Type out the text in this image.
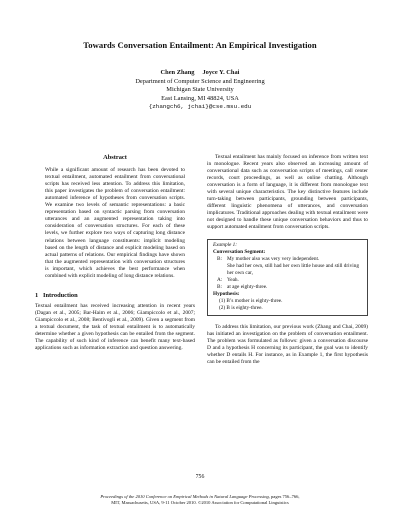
Towards Conversation Entailment: An Empirical Investigation
Chen Zhang     Joyce Y. Chai
Department of Computer Science and Engineering
Michigan State University
East Lansing, MI 48824, USA
{zhangch6, jchai}@cse.msu.edu
Abstract

While a significant amount of research has been devoted to textual entailment, automated entailment from conversational scripts has received less attention. To address this limitation, this paper investigates the problem of conversation entailment: automated inference of hypotheses from conversation scripts. We examine two levels of semantic representations: a basic representation based on syntactic parsing from conversation utterances and an augmented representation taking into consideration of conversation structures. For each of these levels, we further explore two ways of capturing long distance relations between language constituents: implicit modeling based on the length of distance and explicit modeling based on actual patterns of relations. Our empirical findings have shown that the augmented representation with conversation structures is important, which achieves the best performance when combined with explicit modeling of long distance relations.

1   Introduction

Textual entailment has received increasing attention in recent years (Dagan et al., 2005; Bar-Haim et al., 2006; Giampiccolo et al., 2007; Giampiccolo et al., 2008; Bentivogli et al., 2009). Given a segment from a textual document, the task of textual entailment is to automatically determine whether a given hypothesis can be entailed from the segment. The capability of such kind of inference can benefit many text-based applications such as information extraction and question answering.

Textual entailment has mainly focused on inference from written text in monologue. Recent years also observed an increasing amount of conversational data such as conversation scripts of meetings, call center records, court proceedings, as well as online chatting. Although conversation is a form of language, it is different from monologue text with several unique characteristics. The key distinctive features include turn-taking between participants, grounding between participants, different linguistic phenomena of utterances, and conversation implicatures. Traditional approaches dealing with textual entailment were not designed to handle these unique conversation behaviors and thus to support automated entailment from conversation scripts.

Example 1:
Conversation Segment:
B: My mother also was very very independent.
She had her own, still had her own little house and still driving her own car,
A: Yeah.
B: at age eighty-three.
Hypothesis:
(1) B’s mother is eighty-three.
(2) B is eighty-three.

To address this limitation, our previous work (Zhang and Chai, 2009) has initiated an investigation on the problem of conversation entailment. The problem was formulated as follows: given a conversation discourse D and a hypothesis H concerning its participant, the goal was to identify whether D entails H. For instance, as in Example 1, the first hypothesis can be entailed from the

756
Proceedings of the 2010 Conference on Empirical Methods in Natural Language Processing, pages 756–766,
MIT, Massachusetts, USA, 9-11 October 2010. ©2010 Association for Computational Linguistics
